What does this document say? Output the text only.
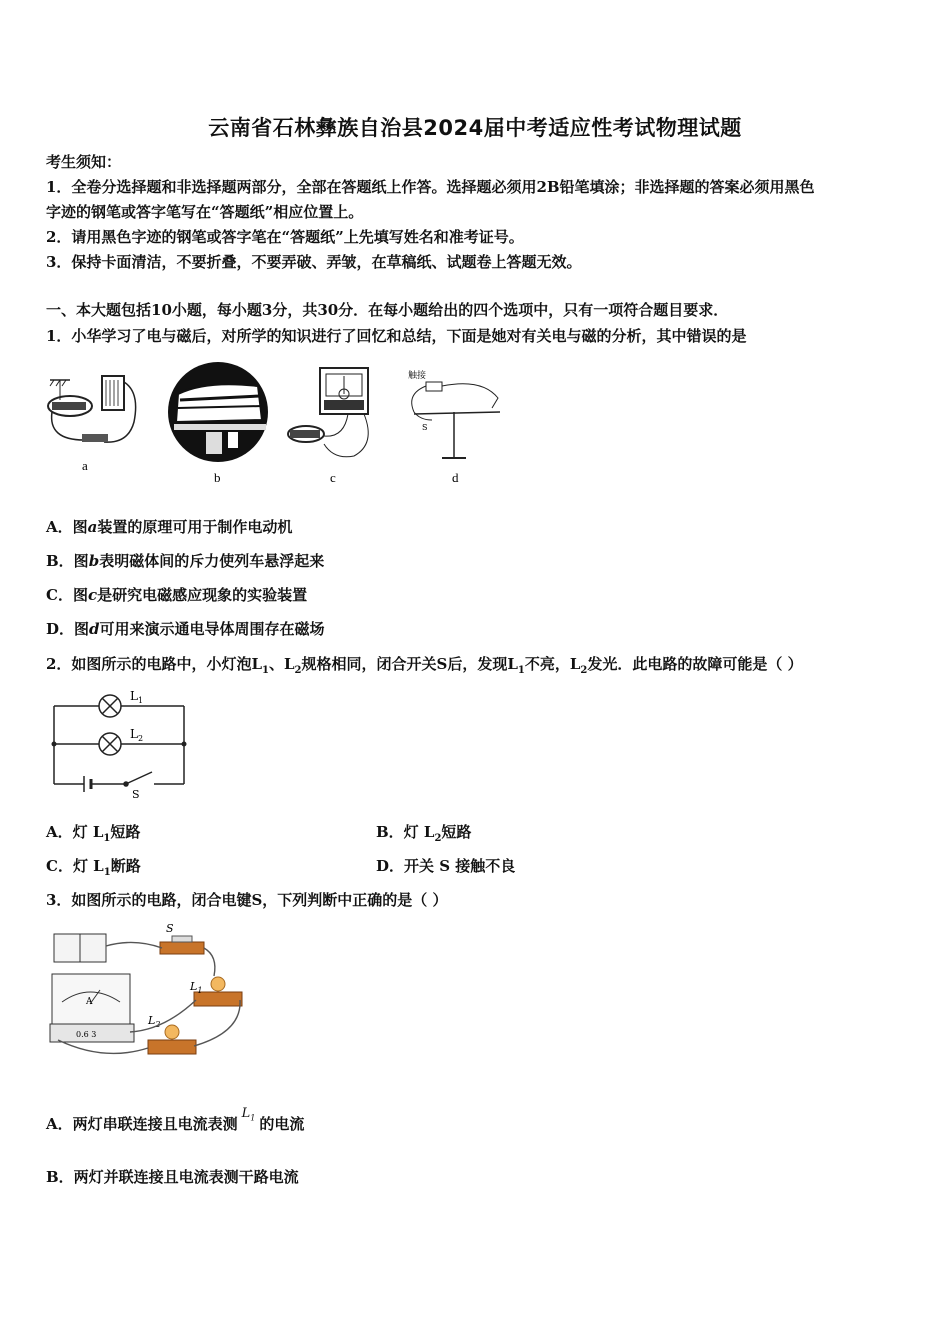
云南省石林彝族自治县2024届中考适应性考试物理试题
考生须知：
1．全卷分选择题和非选择题两部分，全部在答题纸上作答。选择题必须用2B铅笔填涂；非选择题的答案必须用黑色
字迹的钢笔或答字笔写在“答题纸”相应位置上。
2．请用黑色字迹的钢笔或答字笔在“答题纸”上先填写姓名和准考证号。
3．保持卡面清洁，不要折叠，不要弄破、弄皱，在草稿纸、试题卷上答题无效。
一、本大题包括10小题，每小题3分，共30分．在每小题给出的四个选项中，只有一项符合题目要求．
1．小华学习了电与磁后，对所学的知识进行了回忆和总结，下面是她对有关电与磁的分析，其中错误的是
a
b	c
触接
S
d
A．图a装置的原理可用于制作电动机
B．图b表明磁体间的斥力使列车悬浮起来
C．图c是研究电磁感应现象的实验装置
D．图d可用来演示通电导体周围存在磁场
2．如图所示的电路中，小灯泡$L_1$、$L_2$规格相同，闭合开关S后，发现$L_1$不亮，$L_2$发光．此电路的故障可能是（ ）
$L_1$
$L_2$
S
A．灯 $L_1$短路	B．灯 $L_2$短路
C．灯 $L_1$断路	D．开关 S 接触不良
3．如图所示的电路，闭合电键S，下列判断中正确的是（ ）
S
A
0.6 3
$L_1$
$L_2$
A．两灯串联连接且电流表测$L_1$ 的电流
B．两灯并联连接且电流表测干路电流
